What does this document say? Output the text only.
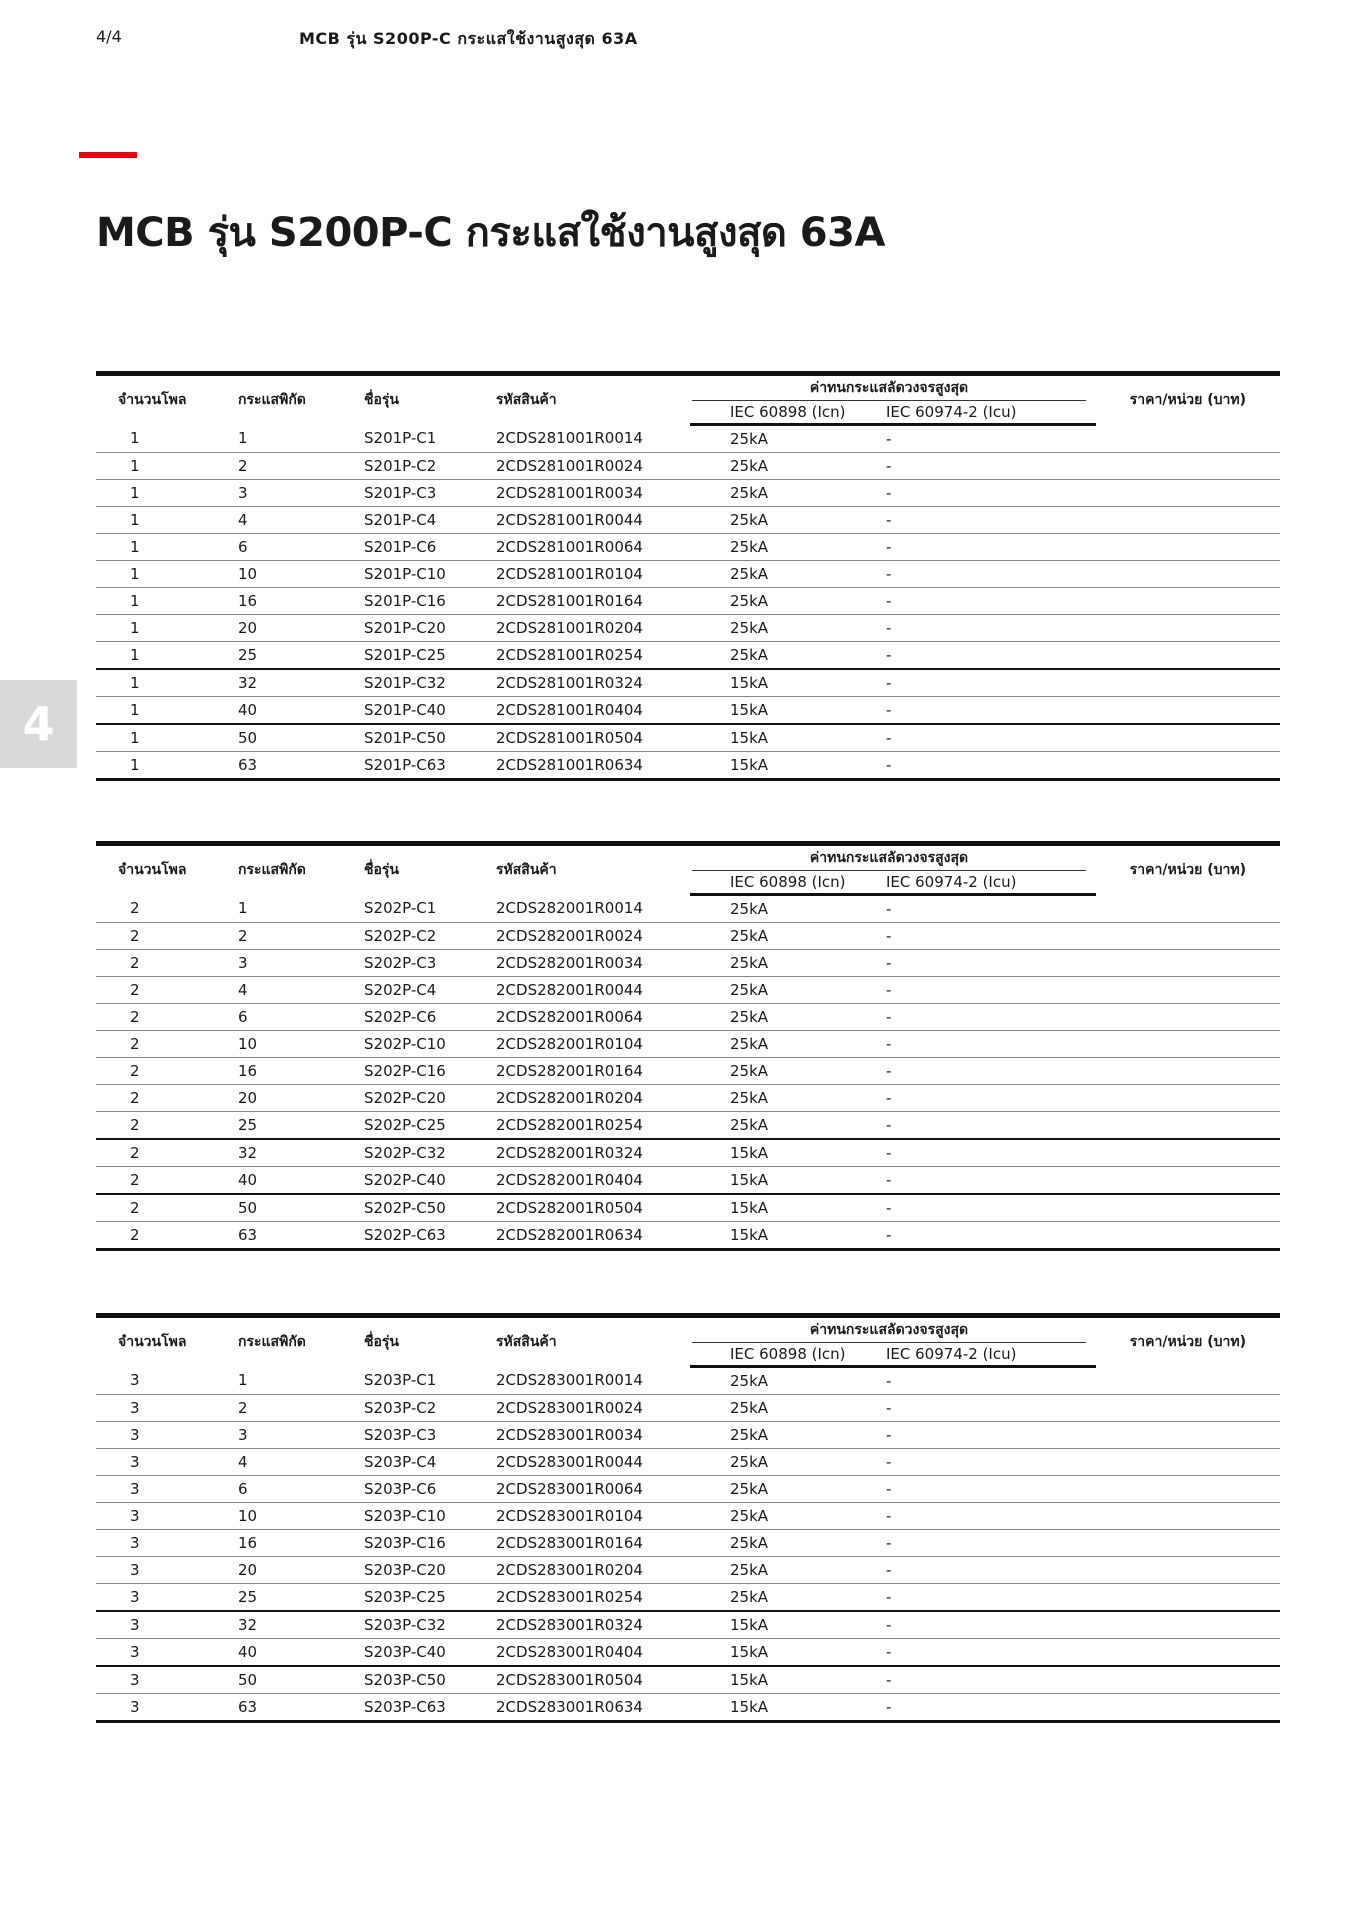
4/4	MCB รุ่น S200P-C กระแสใช้งานสูงสุด 63A
MCB รุ่น S200P-C กระแสใช้งานสูงสุด 63A
4
จำนวนโพล	กระแสพิกัด	ชื่อรุ่น	รหัสสินค้า	ค่าทนกระแสลัดวงจรสูงสุด		ราคา/หน่วย (บาท)
				IEC 60898 (Icn)	IEC 60974-2 (Icu)	
1	1	S201P-C1	2CDS281001R0014	25kA	-	
1	2	S201P-C2	2CDS281001R0024	25kA	-	
1	3	S201P-C3	2CDS281001R0034	25kA	-	
1	4	S201P-C4	2CDS281001R0044	25kA	-	
1	6	S201P-C6	2CDS281001R0064	25kA	-	
1	10	S201P-C10	2CDS281001R0104	25kA	-	
1	16	S201P-C16	2CDS281001R0164	25kA	-	
1	20	S201P-C20	2CDS281001R0204	25kA	-	
1	25	S201P-C25	2CDS281001R0254	25kA	-	
1	32	S201P-C32	2CDS281001R0324	15kA	-	
1	40	S201P-C40	2CDS281001R0404	15kA	-	
1	50	S201P-C50	2CDS281001R0504	15kA	-	
1	63	S201P-C63	2CDS281001R0634	15kA	-	
จำนวนโพล	กระแสพิกัด	ชื่อรุ่น	รหัสสินค้า	ค่าทนกระแสลัดวงจรสูงสุด		ราคา/หน่วย (บาท)
				IEC 60898 (Icn)	IEC 60974-2 (Icu)	
2	1	S202P-C1	2CDS282001R0014	25kA	-	
2	2	S202P-C2	2CDS282001R0024	25kA	-	
2	3	S202P-C3	2CDS282001R0034	25kA	-	
2	4	S202P-C4	2CDS282001R0044	25kA	-	
2	6	S202P-C6	2CDS282001R0064	25kA	-	
2	10	S202P-C10	2CDS282001R0104	25kA	-	
2	16	S202P-C16	2CDS282001R0164	25kA	-	
2	20	S202P-C20	2CDS282001R0204	25kA	-	
2	25	S202P-C25	2CDS282001R0254	25kA	-	
2	32	S202P-C32	2CDS282001R0324	15kA	-	
2	40	S202P-C40	2CDS282001R0404	15kA	-	
2	50	S202P-C50	2CDS282001R0504	15kA	-	
2	63	S202P-C63	2CDS282001R0634	15kA	-	
จำนวนโพล	กระแสพิกัด	ชื่อรุ่น	รหัสสินค้า	ค่าทนกระแสลัดวงจรสูงสุด		ราคา/หน่วย (บาท)
				IEC 60898 (Icn)	IEC 60974-2 (Icu)	
3	1	S203P-C1	2CDS283001R0014	25kA	-	
3	2	S203P-C2	2CDS283001R0024	25kA	-	
3	3	S203P-C3	2CDS283001R0034	25kA	-	
3	4	S203P-C4	2CDS283001R0044	25kA	-	
3	6	S203P-C6	2CDS283001R0064	25kA	-	
3	10	S203P-C10	2CDS283001R0104	25kA	-	
3	16	S203P-C16	2CDS283001R0164	25kA	-	
3	20	S203P-C20	2CDS283001R0204	25kA	-	
3	25	S203P-C25	2CDS283001R0254	25kA	-	
3	32	S203P-C32	2CDS283001R0324	15kA	-	
3	40	S203P-C40	2CDS283001R0404	15kA	-	
3	50	S203P-C50	2CDS283001R0504	15kA	-	
3	63	S203P-C63	2CDS283001R0634	15kA	-	
